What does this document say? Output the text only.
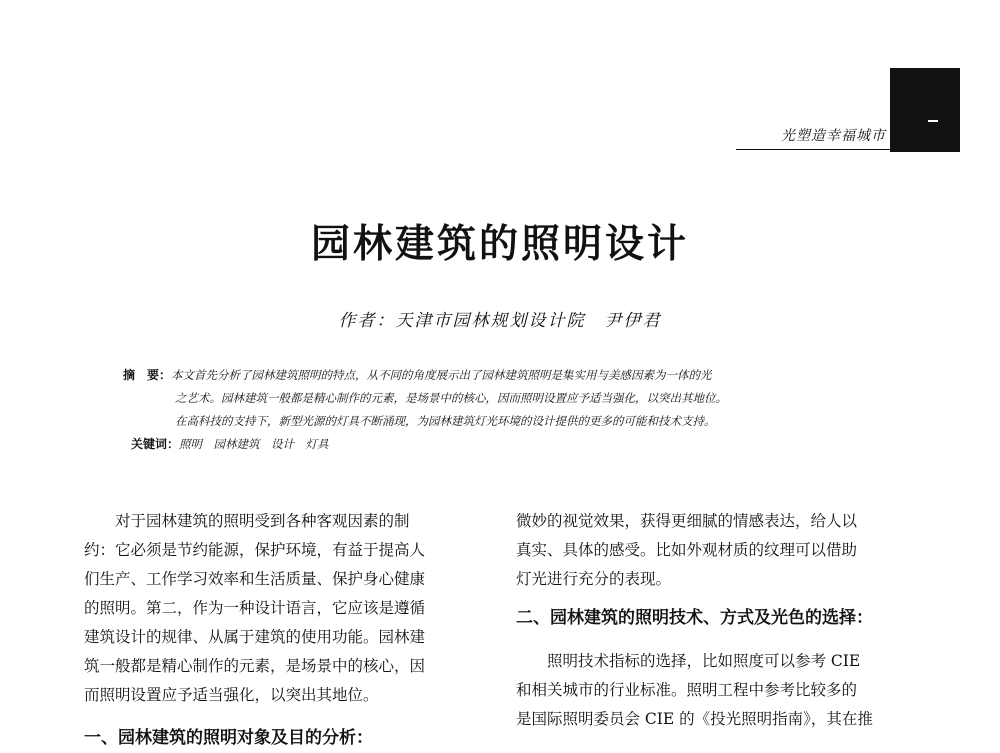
光塑造幸福城市
园林建筑的照明设计
作者：天津市园林规划设计院　尹伊君
摘　要：本文首先分析了园林建筑照明的特点，从不同的角度展示出了园林建筑照明是集实用与美感因素为一体的光
之艺术。园林建筑一般都是精心制作的元素，是场景中的核心，因而照明设置应予适当强化，以突出其地位。
在高科技的支持下，新型光源的灯具不断涌现，为园林建筑灯光环境的设计提供的更多的可能和技术支持。
关键词：照明　园林建筑　设计　灯具
　　对于园林建筑的照明受到各种客观因素的制
约：它必须是节约能源，保护环境，有益于提高人
们生产、工作学习效率和生活质量、保护身心健康
的照明。第二，作为一种设计语言，它应该是遵循
建筑设计的规律、从属于建筑的使用功能。园林建
筑一般都是精心制作的元素，是场景中的核心，因
而照明设置应予适当强化，以突出其地位。
一、园林建筑的照明对象及目的分析：
微妙的视觉效果，获得更细腻的情感表达，给人以
真实、具体的感受。比如外观材质的纹理可以借助
灯光进行充分的表现。
二、园林建筑的照明技术、方式及光色的选择：
　　照明技术指标的选择，比如照度可以参考 CIE
和相关城市的行业标准。照明工程中参考比较多的
是国际照明委员会 CIE 的《投光照明指南》，其在推
